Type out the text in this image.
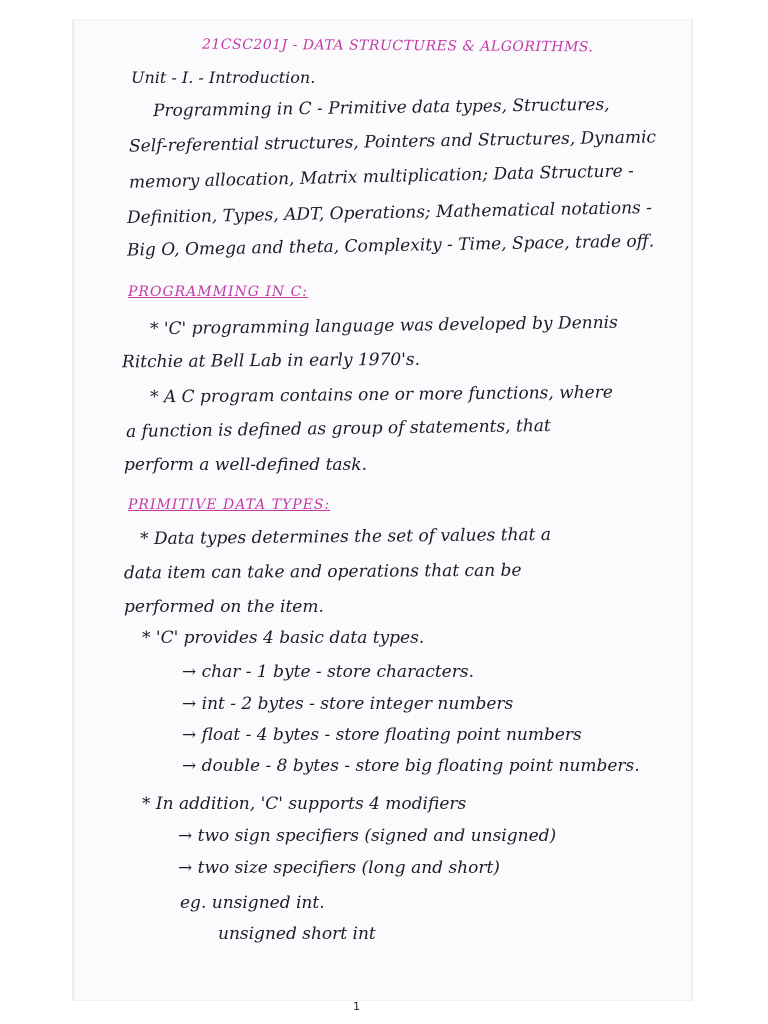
21CSC201J - DATA STRUCTURES & ALGORITHMS.
Unit - I. - Introduction.
Programming in C - Primitive data types, Structures,
Self-referential structures, Pointers and Structures, Dynamic
memory allocation, Matrix multiplication; Data Structure -
Definition, Types, ADT, Operations; Mathematical notations -
Big O, Omega and theta, Complexity - Time, Space, trade off.
PROGRAMMING IN C:
* 'C' programming language was developed by Dennis
Ritchie at Bell Lab in early 1970's.
* A C program contains one or more functions, where
a function is defined as group of statements, that
perform a well-defined task.
PRIMITIVE DATA TYPES:
* Data types determines the set of values that a
data item can take and operations that can be
performed on the item.
* 'C' provides 4 basic data types.
→ char - 1 byte - store characters.
→ int - 2 bytes - store integer numbers
→ float - 4 bytes - store floating point numbers
→ double - 8 bytes - store big floating point numbers.
* In addition, 'C' supports 4 modifiers
→ two sign specifiers (signed and unsigned)
→ two size specifiers (long and short)
eg. unsigned int.
unsigned short int
1
